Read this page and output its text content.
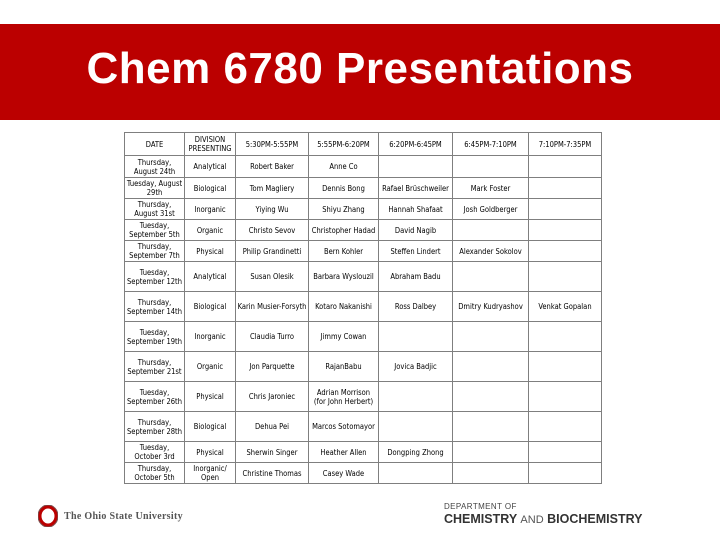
Chem 6780 Presentations
DATE	DIVISION PRESENTING	5:30PM-5:55PM	5:55PM-6:20PM	6:20PM-6:45PM	6:45PM-7:10PM	7:10PM-7:35PM
Thursday, August 24th	Analytical	Robert Baker	Anne Co			
Tuesday, August 29th	Biological	Tom Magliery	Dennis Bong	Rafael Brüschweiler	Mark Foster	
Thursday, August 31st	Inorganic	Yiying Wu	Shiyu Zhang	Hannah Shafaat	Josh Goldberger	
Tuesday, September 5th	Organic	Christo Sevov	Christopher Hadad	David Nagib		
Thursday, September 7th	Physical	Philip Grandinetti	Bern Kohler	Steffen Lindert	Alexander Sokolov	
Tuesday, September 12th	Analytical	Susan Olesik	Barbara Wyslouzil	Abraham Badu		
Thursday, September 14th	Biological	Karin Musier-Forsyth	Kotaro Nakanishi	Ross Dalbey	Dmitry Kudryashov	Venkat Gopalan
Tuesday, September 19th	Inorganic	Claudia Turro	Jimmy Cowan			
Thursday, September 21st	Organic	Jon Parquette	RajanBabu	Jovica Badjic		
Tuesday, September 26th	Physical	Chris Jaroniec	Adrian Morrison (for John Herbert)			
Thursday, September 28th	Biological	Dehua Pei	Marcos Sotomayor			
Tuesday, October 3rd	Physical	Sherwin Singer	Heather Allen	Dongping Zhong		
Thursday, October 5th	Inorganic/ Open	Christine Thomas	Casey Wade			
The Ohio State University
DEPARTMENT OF
CHEMISTRY AND BIOCHEMISTRY
